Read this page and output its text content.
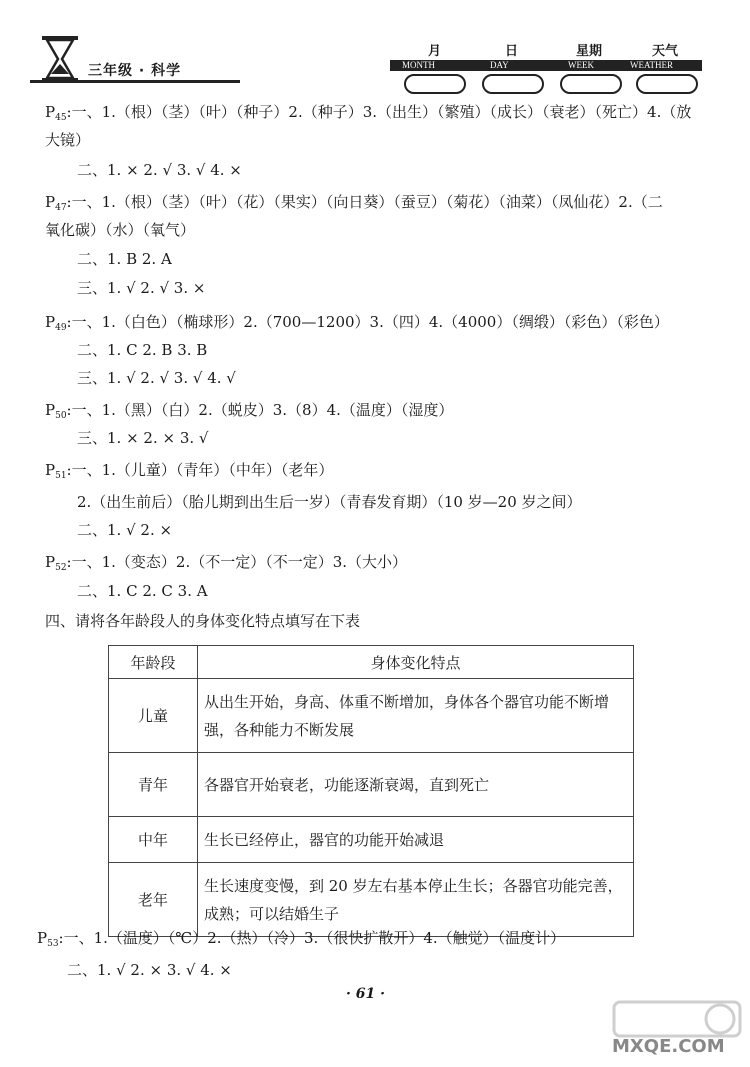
三年级 · 科学
月	日	星期	天气
MONTH	DAY	WEEK	WEATHER
$P_{45}$:一、1.（根）（茎）（叶）（种子）2.（种子）3.（出生）（繁殖）（成长）（衰老）（死亡）4.（放
大镜）
二、1. × 2. √ 3. √ 4. ×
$P_{47}$:一、1.（根）（茎）（叶）（花）（果实）（向日葵）（蚕豆）（菊花）（油菜）（凤仙花）2.（二
氧化碳）（水）（氧气）
二、1. B 2. A
三、1. √ 2. √ 3. ×
$P_{49}$:一、1.（白色）（椭球形）2.（700—1200）3.（四）4.（4000）（绸缎）（彩色）（彩色）
二、1. C 2. B 3. B
三、1. √ 2. √ 3. √ 4. √
$P_{50}$:一、1.（黑）（白）2.（蜕皮）3.（8）4.（温度）（湿度）
三、1. × 2. × 3. √
$P_{51}$:一、1.（儿童）（青年）（中年）（老年）
2.（出生前后）（胎儿期到出生后一岁）（青春发育期）（10 岁—20 岁之间）
二、1. √ 2. ×
$P_{52}$:一、1.（变态）2.（不一定）（不一定）3.（大小）
二、1. C 2. C 3. A
四、请将各年龄段人的身体变化特点填写在下表
年龄段	身体变化特点
儿童	从出生开始，身高、体重不断增加，身体各个器官功能不断增强，各种能力不断发展
青年	各器官开始衰老，功能逐渐衰竭，直到死亡
中年	生长已经停止，器官的功能开始减退
老年	生长速度变慢，到 20 岁左右基本停止生长；各器官功能完善，成熟；可以结婚生子
$P_{53}$:一、1.（温度）（℃）2.（热）（冷）3.（很快扩散开）4.（触觉）（温度计）
二、1. √ 2. × 3. √ 4. ×
· 61 ·
MXQE.COM
